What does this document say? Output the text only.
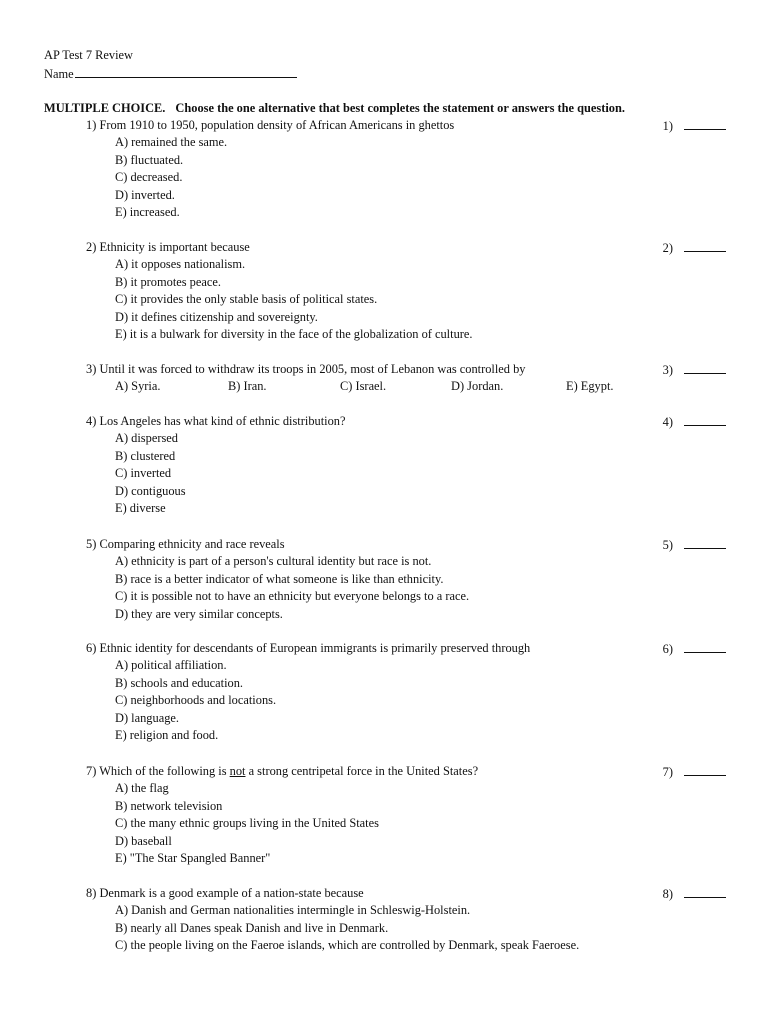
AP Test 7 Review
Name
MULTIPLE CHOICE. Choose the one alternative that best completes the statement or answers the question.
1) From 1910 to 1950, population density of African Americans in ghettos	1)
A) remained the same.
B) fluctuated.
C) decreased.
D) inverted.
E) increased.
2) Ethnicity is important because	2)
A) it opposes nationalism.
B) it promotes peace.
C) it provides the only stable basis of political states.
D) it defines citizenship and sovereignty.
E) it is a bulwark for diversity in the face of the globalization of culture.
3) Until it was forced to withdraw its troops in 2005, most of Lebanon was controlled by	3)
A) Syria.	B) Iran.	C) Israel.	D) Jordan.	E) Egypt.
4) Los Angeles has what kind of ethnic distribution?	4)
A) dispersed
B) clustered
C) inverted
D) contiguous
E) diverse
5) Comparing ethnicity and race reveals	5)
A) ethnicity is part of a person's cultural identity but race is not.
B) race is a better indicator of what someone is like than ethnicity.
C) it is possible not to have an ethnicity but everyone belongs to a race.
D) they are very similar concepts.
6) Ethnic identity for descendants of European immigrants is primarily preserved through	6)
A) political affiliation.
B) schools and education.
C) neighborhoods and locations.
D) language.
E) religion and food.
7) Which of the following is not a strong centripetal force in the United States?	7)
A) the flag
B) network television
C) the many ethnic groups living in the United States
D) baseball
E) "The Star Spangled Banner"
8) Denmark is a good example of a nation-state because	8)
A) Danish and German nationalities intermingle in Schleswig-Holstein.
B) nearly all Danes speak Danish and live in Denmark.
C) the people living on the Faeroe islands, which are controlled by Denmark, speak Faeroese.
